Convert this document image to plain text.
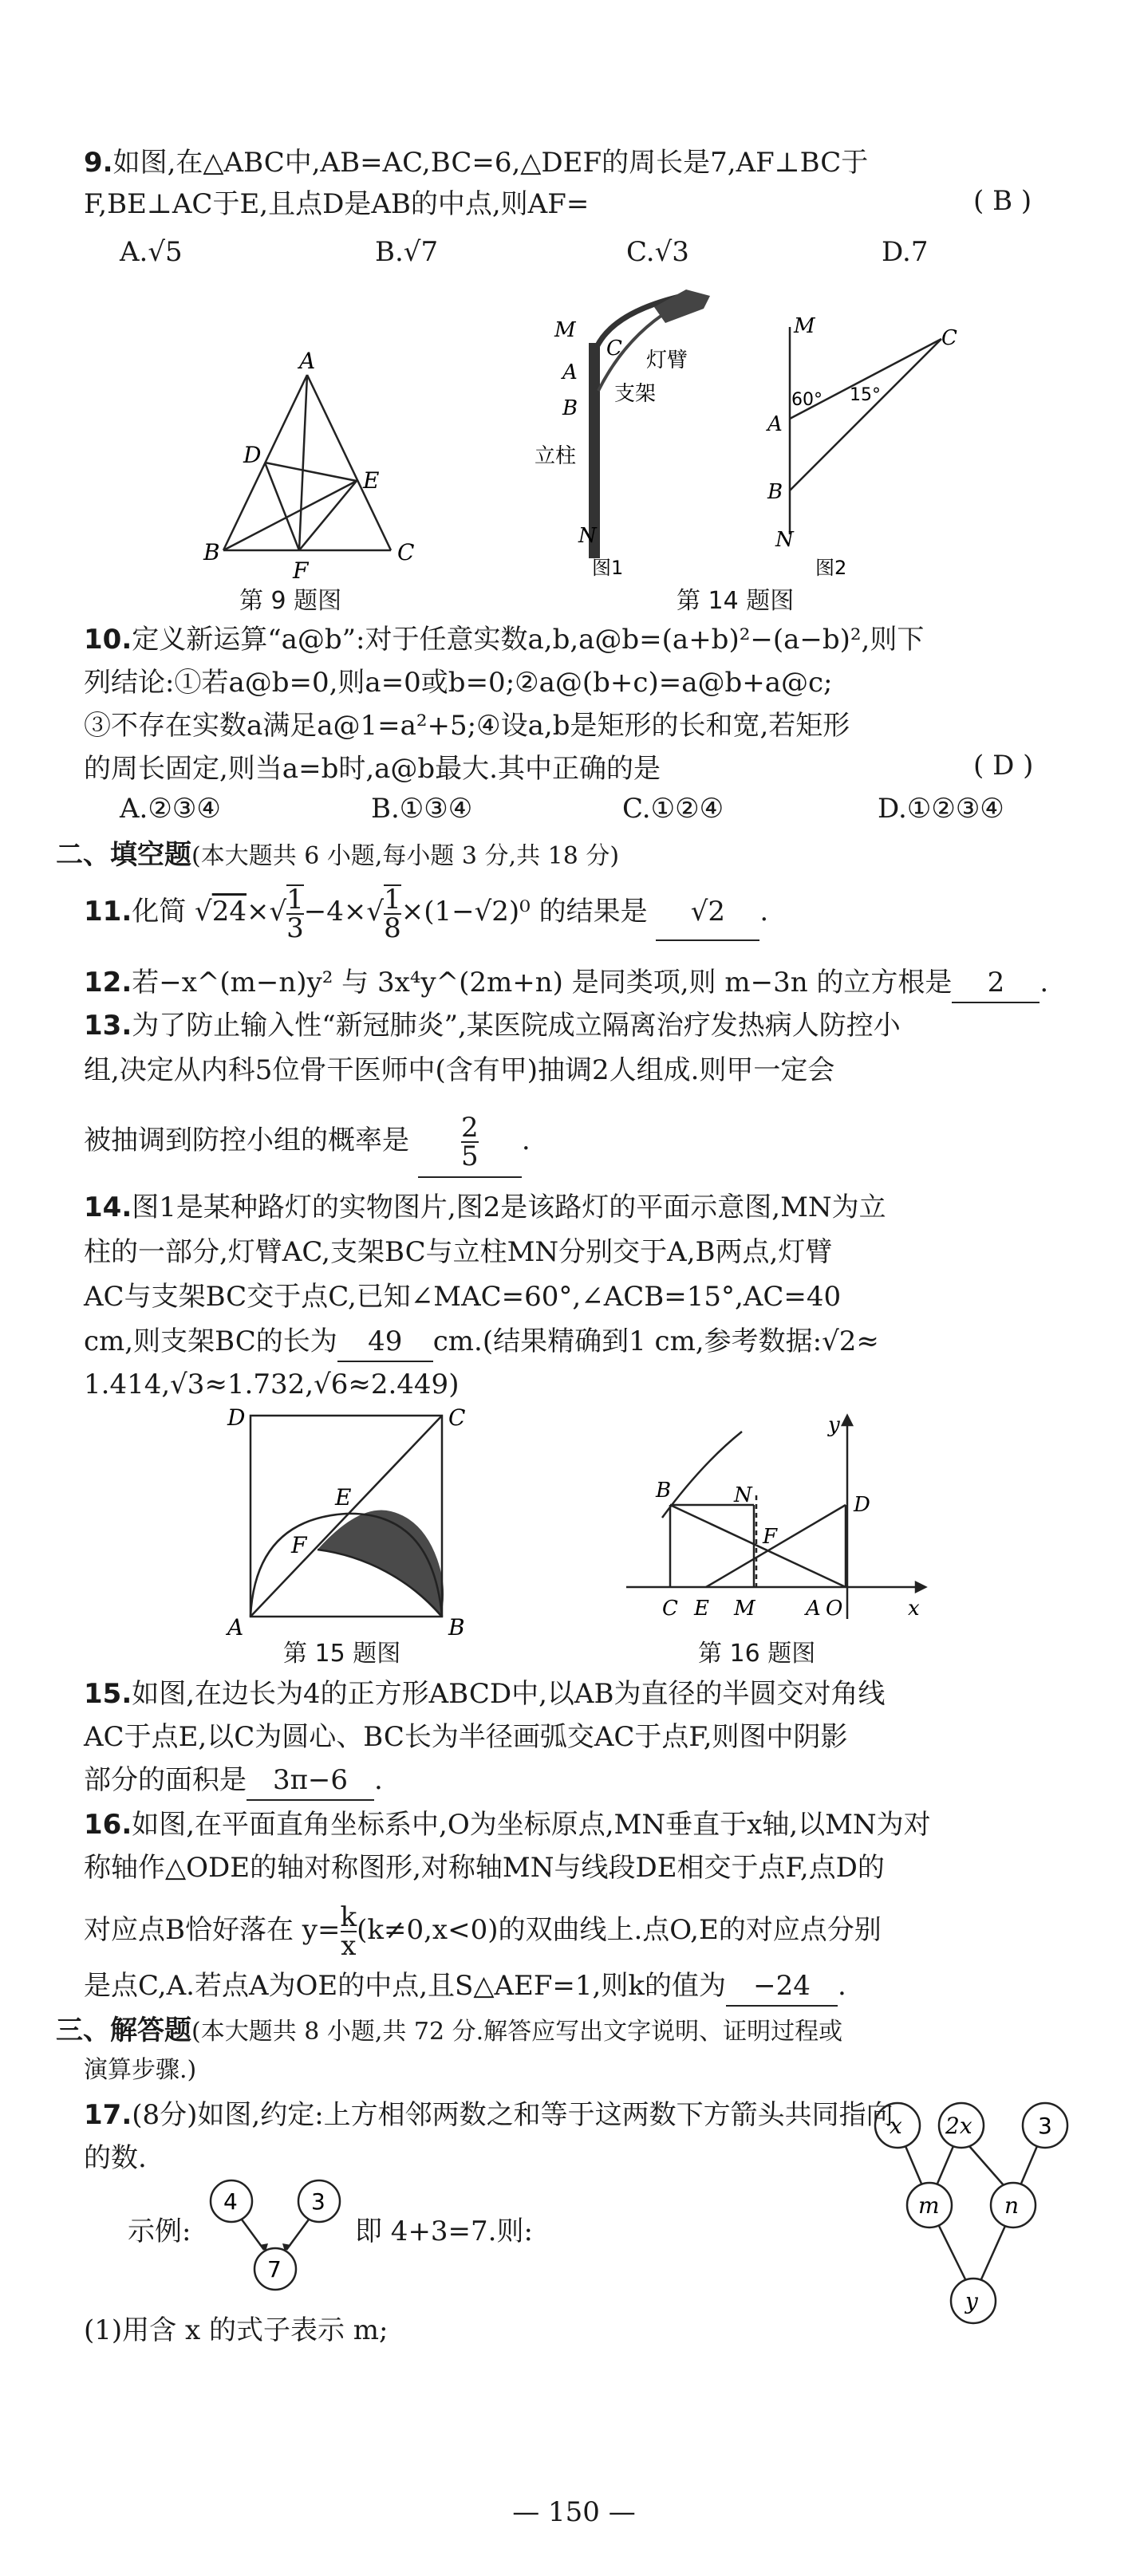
9.如图,在△ABC中,AB=AC,BC=6,△DEF的周长是7,AF⊥BC于
F,BE⊥AC于E,且点D是AB的中点,则AF=	( B )
A.√5	B.√7	C.√3	D.7
A
B	C
D
E
F
第 9 题图
M
C
A
B
N
灯臂
支架
立柱
图1
M	C
A
B
N
60° 15°
图2
第 14 题图
10.定义新运算“a@b”:对于任意实数a,b,a@b=(a+b)²−(a−b)²,则下
列结论:①若a@b=0,则a=0或b=0;②a@(b+c)=a@b+a@c;
③不存在实数a满足a@1=a²+5;④设a,b是矩形的长和宽,若矩形
的周长固定,则当a=b时,a@b最大.其中正确的是	( D )
A.②③④	B.①③④	C.①②④	D.①②③④
二、填空题(本大题共 6 小题,每小题 3 分,共 18 分)
11.化简 $√24\times√ \frac{1}{3} -4\times√ \frac{1}{8} \times(1-√2)^0$ 的结果是 √2 .
12.若−x^(m−n)y² 与 3x⁴y^(2m+n) 是同类项,则 m−3n 的立方根是 2 .
13.为了防止输入性“新冠肺炎”,某医院成立隔离治疗发热病人防控小
组,决定从内科5位骨干医师中(含有甲)抽调2人组成.则甲一定会
被抽调到防控小组的概率是 $\frac{2}{5}$ .
14.图1是某种路灯的实物图片,图2是该路灯的平面示意图,MN为立
柱的一部分,灯臂AC,支架BC与立柱MN分别交于A,B两点,灯臂
AC与支架BC交于点C,已知∠MAC=60°,∠ACB=15°,AC=40
cm,则支架BC的长为 49 cm.(结果精确到1 cm,参考数据:√2≈
1.414,√3≈1.732,√6≈2.449)
D	C
E
F
A	B
第 15 题图
y
B	N	D
F
C E M A O	x
第 16 题图
15.如图,在边长为4的正方形ABCD中,以AB为直径的半圆交对角线
AC于点E,以C为圆心、BC长为半径画弧交AC于点F,则图中阴影
部分的面积是 3π−6 .
16.如图,在平面直角坐标系中,O为坐标原点,MN垂直于x轴,以MN为对
称轴作△ODE的轴对称图形,对称轴MN与线段DE相交于点F,点D的
对应点B恰好落在 $y= \frac{k}{x} (k\ne 0,x<0)$的双曲线上.点O,E的对应点分别
是点C,A.若点A为OE的中点,且S△AEF=1,则k的值为 −24 .
三、解答题(本大题共 8 小题,共 72 分.解答应写出文字说明、证明过程或
演算步骤.)
17.(8分)如图,约定:上方相邻两数之和等于这两数下方箭头共同指向
的数.
示例:
4	3
7
即 4+3=7.则:
x 2x	3
m	n
y
(1)用含 x 的式子表示 m;
— 150 —
